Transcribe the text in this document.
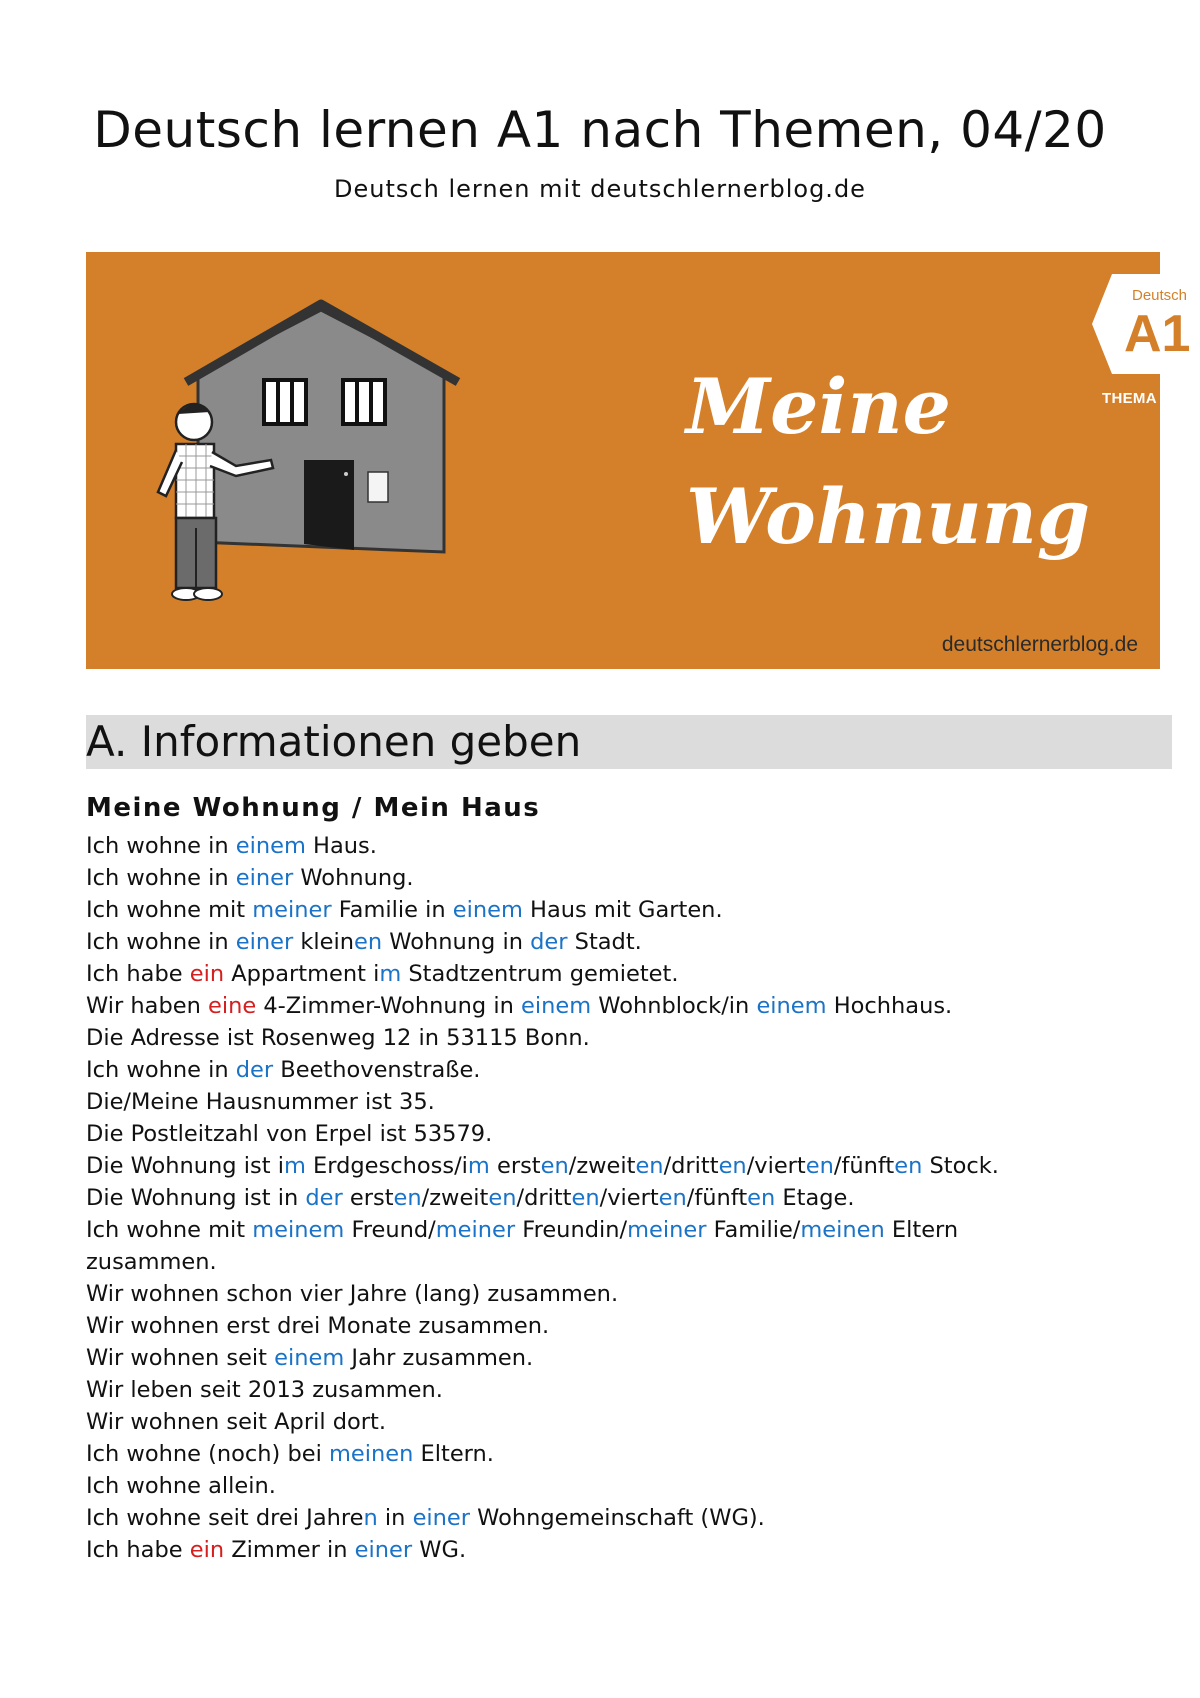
Deutsch lernen A1 nach Themen, 04/20
Deutsch lernen mit deutschlernerblog.de
Deutsch
A1
THEMA 04/20
Meine
Wohnung
deutschlernerblog.de
A. Informationen geben
Meine Wohnung / Mein Haus
Ich wohne in einem Haus.
Ich wohne in einer Wohnung.
Ich wohne mit meiner Familie in einem Haus mit Garten.
Ich wohne in einer kleinen Wohnung in der Stadt.
Ich habe ein Appartment im Stadtzentrum gemietet.
Wir haben eine 4-Zimmer-Wohnung in einem Wohnblock/in einem Hochhaus.
Die Adresse ist Rosenweg 12 in 53115 Bonn.
Ich wohne in der Beethovenstraße.
Die/Meine Hausnummer ist 35.
Die Postleitzahl von Erpel ist 53579.
Die Wohnung ist im Erdgeschoss/im ersten/zweiten/dritten/vierten/fünften Stock.
Die Wohnung ist in der ersten/zweiten/dritten/vierten/fünften Etage.
Ich wohne mit meinem Freund/meiner Freundin/meiner Familie/meinen Eltern zusammen.
Wir wohnen schon vier Jahre (lang) zusammen.
Wir wohnen erst drei Monate zusammen.
Wir wohnen seit einem Jahr zusammen.
Wir leben seit 2013 zusammen.
Wir wohnen seit April dort.
Ich wohne (noch) bei meinen Eltern.
Ich wohne allein.
Ich wohne seit drei Jahren in einer Wohngemeinschaft (WG).
Ich habe ein Zimmer in einer WG.
